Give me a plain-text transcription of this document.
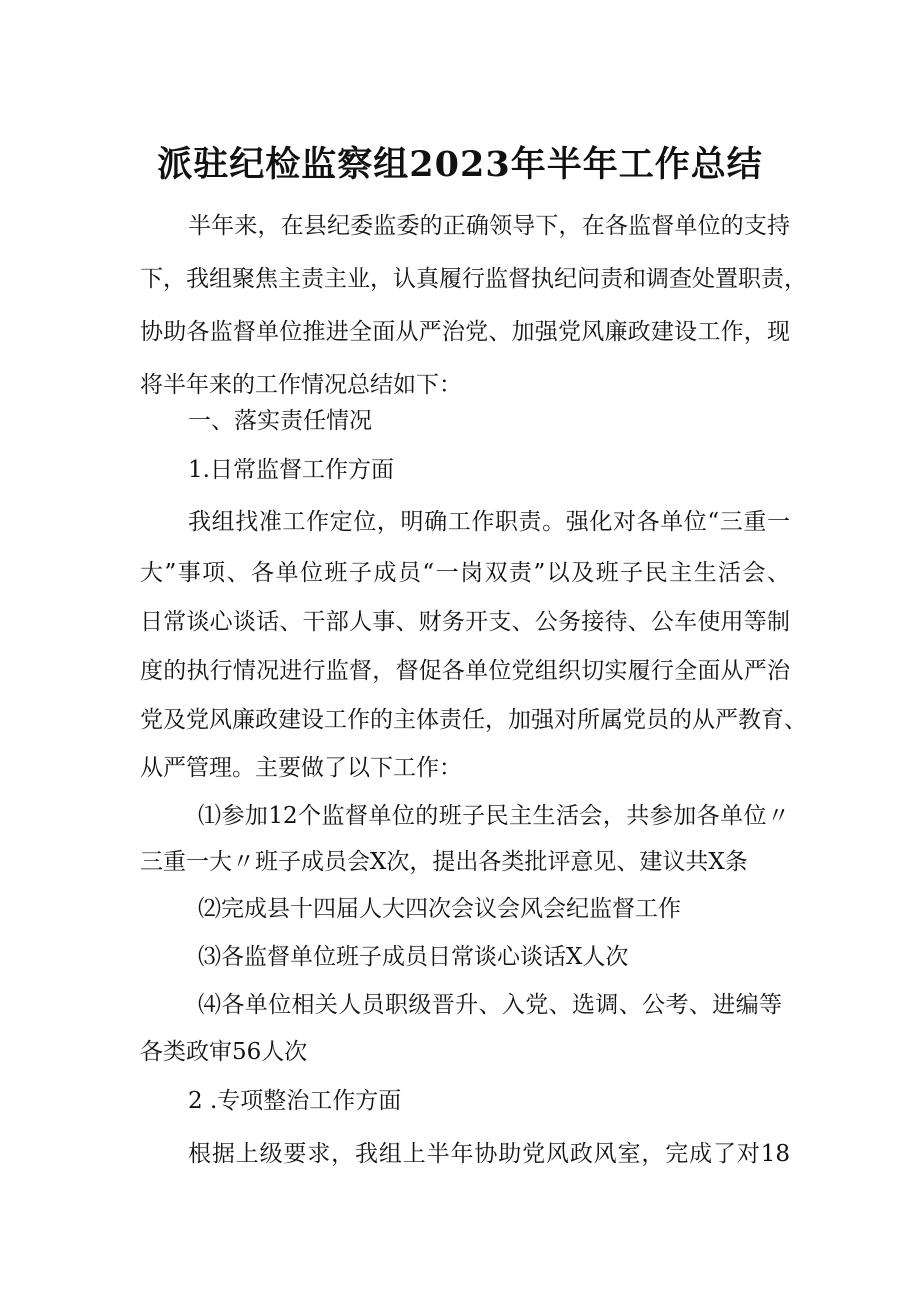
派驻纪检监察组2023年半年工作总结
半年来，在县纪委监委的正确领导下，在各监督单位的支持
下，我组聚焦主责主业，认真履行监督执纪问责和调查处置职责，
协助各监督单位推进全面从严治党、加强党风廉政建设工作，现
将半年来的工作情况总结如下：
一、落实责任情况
1.日常监督工作方面
我组找准工作定位，明确工作职责。强化对各单位“三重一
大”事项、各单位班子成员“一岗双责”以及班子民主生活会、
日常谈心谈话、干部人事、财务开支、公务接待、公车使用等制
度的执行情况进行监督，督促各单位党组织切实履行全面从严治
党及党风廉政建设工作的主体责任，加强对所属党员的从严教育、
从严管理。主要做了以下工作：
⑴参加12个监督单位的班子民主生活会，共参加各单位〃
三重一大〃班子成员会X次，提出各类批评意见、建议共X条
⑵完成县十四届人大四次会议会风会纪监督工作
⑶各监督单位班子成员日常谈心谈话X人次
⑷各单位相关人员职级晋升、入党、选调、公考、进编等
各类政审56人次
2 .专项整治工作方面
根据上级要求，我组上半年协助党风政风室，完成了对18
